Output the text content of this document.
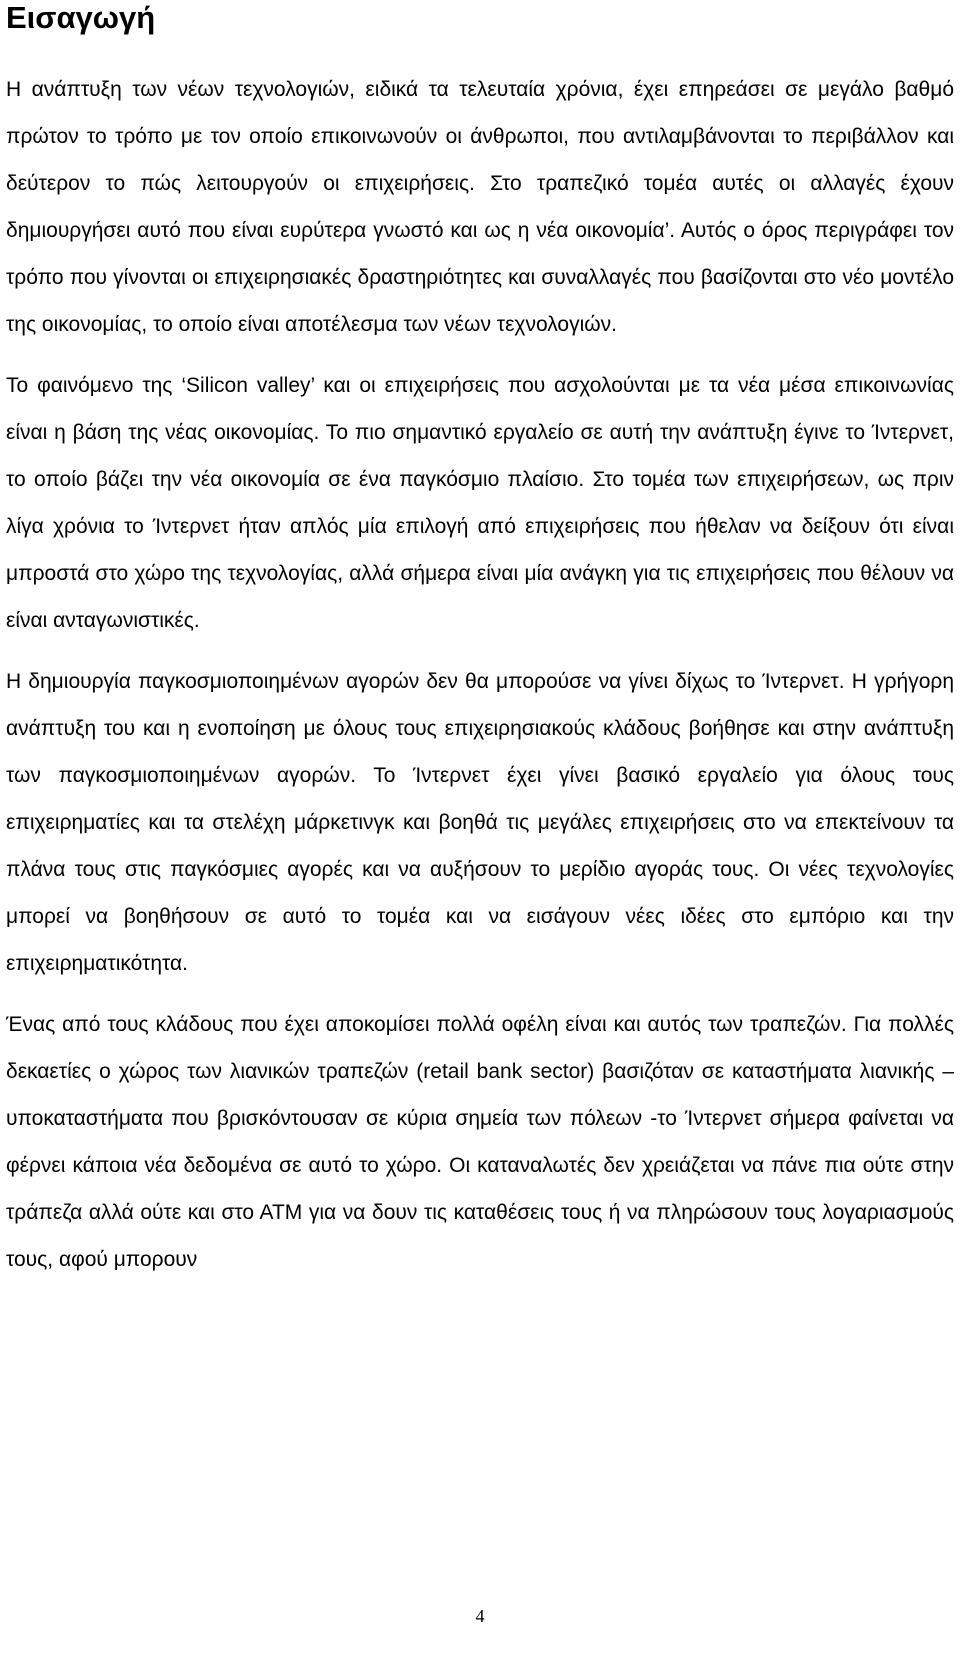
Εισαγωγή

Η ανάπτυξη των νέων τεχνολογιών, ειδικά τα τελευταία χρόνια, έχει επηρεάσει σε μεγάλο βαθμό πρώτον το τρόπο με τον οποίο επικοινωνούν οι άνθρωποι, που αντιλαμβάνονται το περιβάλλον και δεύτερον το πώς λειτουργούν οι επιχειρήσεις. Στο τραπεζικό τομέα αυτές οι αλλαγές έχουν δημιουργήσει αυτό που είναι ευρύτερα γνωστό και ως η νέα οικονομία’. Αυτός ο όρος περιγράφει τον τρόπο που γίνονται οι επιχειρησιακές δραστηριότητες και συναλλαγές που βασίζονται στο νέο μοντέλο της οικονομίας, το οποίο είναι αποτέλεσμα των νέων τεχνολογιών.

Το φαινόμενο της ‘Silicon valley’ και οι επιχειρήσεις που ασχολούνται με τα νέα μέσα επικοινωνίας είναι η βάση της νέας οικονομίας. Το πιο σημαντικό εργαλείο σε αυτή την ανάπτυξη έγινε το Ίντερνετ, το οποίο βάζει την νέα οικονομία σε ένα παγκόσμιο πλαίσιο. Στο τομέα των επιχειρήσεων, ως πριν λίγα χρόνια το Ίντερνετ ήταν απλός μία επιλογή από επιχειρήσεις που ήθελαν να δείξουν ότι είναι μπροστά στο χώρο της τεχνολογίας, αλλά σήμερα είναι μία ανάγκη για τις επιχειρήσεις που θέλουν να είναι ανταγωνιστικές.

Η δημιουργία παγκοσμιοποιημένων αγορών δεν θα μπορούσε να γίνει δίχως το Ίντερνετ. Η γρήγορη ανάπτυξη του και η ενοποίηση με όλους τους επιχειρησιακούς κλάδους βοήθησε και στην ανάπτυξη των παγκοσμιοποιημένων αγορών. Το Ίντερνετ έχει γίνει βασικό εργαλείο για όλους τους επιχειρηματίες και τα στελέχη μάρκετινγκ και βοηθά τις μεγάλες επιχειρήσεις στο να επεκτείνουν τα πλάνα τους στις παγκόσμιες αγορές και να αυξήσουν το μερίδιο αγοράς τους. Οι νέες τεχνολογίες μπορεί να βοηθήσουν σε αυτό το τομέα και να εισάγουν νέες ιδέες στο εμπόριο και την επιχειρηματικότητα.

Ένας από τους κλάδους που έχει αποκομίσει πολλά οφέλη είναι και αυτός των τραπεζών. Για πολλές δεκαετίες ο χώρος των λιανικών τραπεζών (retail bank sector) βασιζόταν σε καταστήματα λιανικής – υποκαταστήματα που βρισκόντουσαν σε κύρια σημεία των πόλεων -το Ίντερνετ σήμερα φαίνεται να φέρνει κάποια νέα δεδομένα σε αυτό το χώρο. Οι καταναλωτές δεν χρειάζεται να πάνε πια ούτε στην τράπεζα αλλά ούτε και στο ΑΤΜ για να δουν τις καταθέσεις τους ή να πληρώσουν τους λογαριασμούς τους, αφού μπορουν

4
